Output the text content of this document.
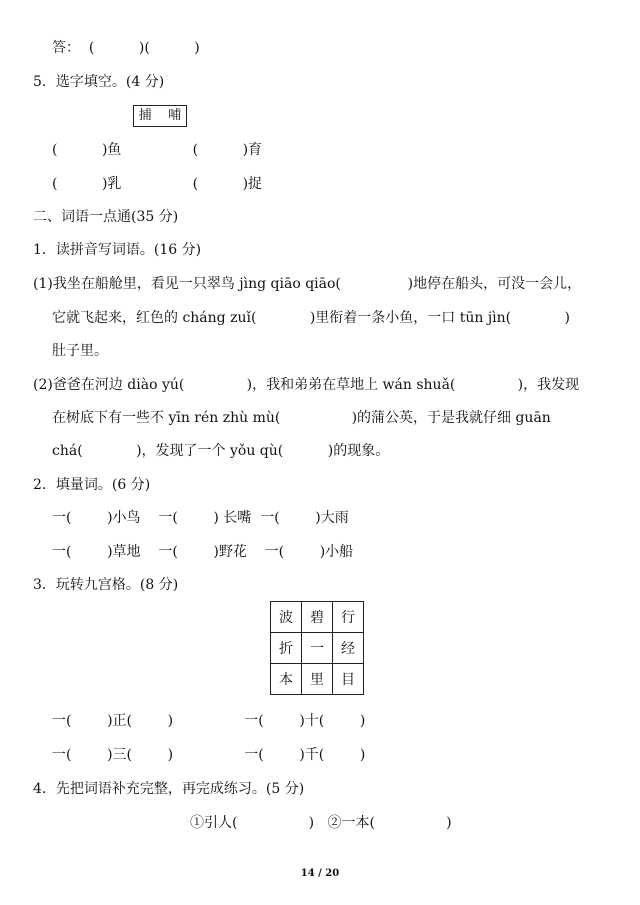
答：  (          )(          )
5．选字填空。(4 分)
捕    哺
(          )鱼                (          )育
(          )乳                (          )捉
二、词语一点通(35 分)
1．读拼音写词语。(16 分)
(1)我坐在船舱里，看见一只翠鸟 jìng qiāo qiāo(               )地停在船头，可没一会儿，
它就飞起来，红色的 cháng zuǐ(            )里衔着一条小鱼，一口 tūn jìn(            )
肚子里。
(2)爸爸在河边 diào yú(              )，我和弟弟在草地上 wán shuǎ(              )，我发现
在树底下有一些不 yīn rén zhù mù(                )的蒲公英，于是我就仔细 guān
chá(            )，发现了一个 yǒu qù(          )的现象。
2．填量词。(6 分)
一(        )小鸟    一(        ) 长嘴  一(        )大雨
一(        )草地    一(        )野花    一(        )小船
3．玩转九宫格。(8 分)
波	碧	行
折	一	经
本	里	目
一(        )正(        )                一(        )十(        )
一(        )三(        )                一(        )千(        )
4．先把词语补充完整，再完成练习。(5 分)
①引人(                )   ②一本(                )
14 / 20
